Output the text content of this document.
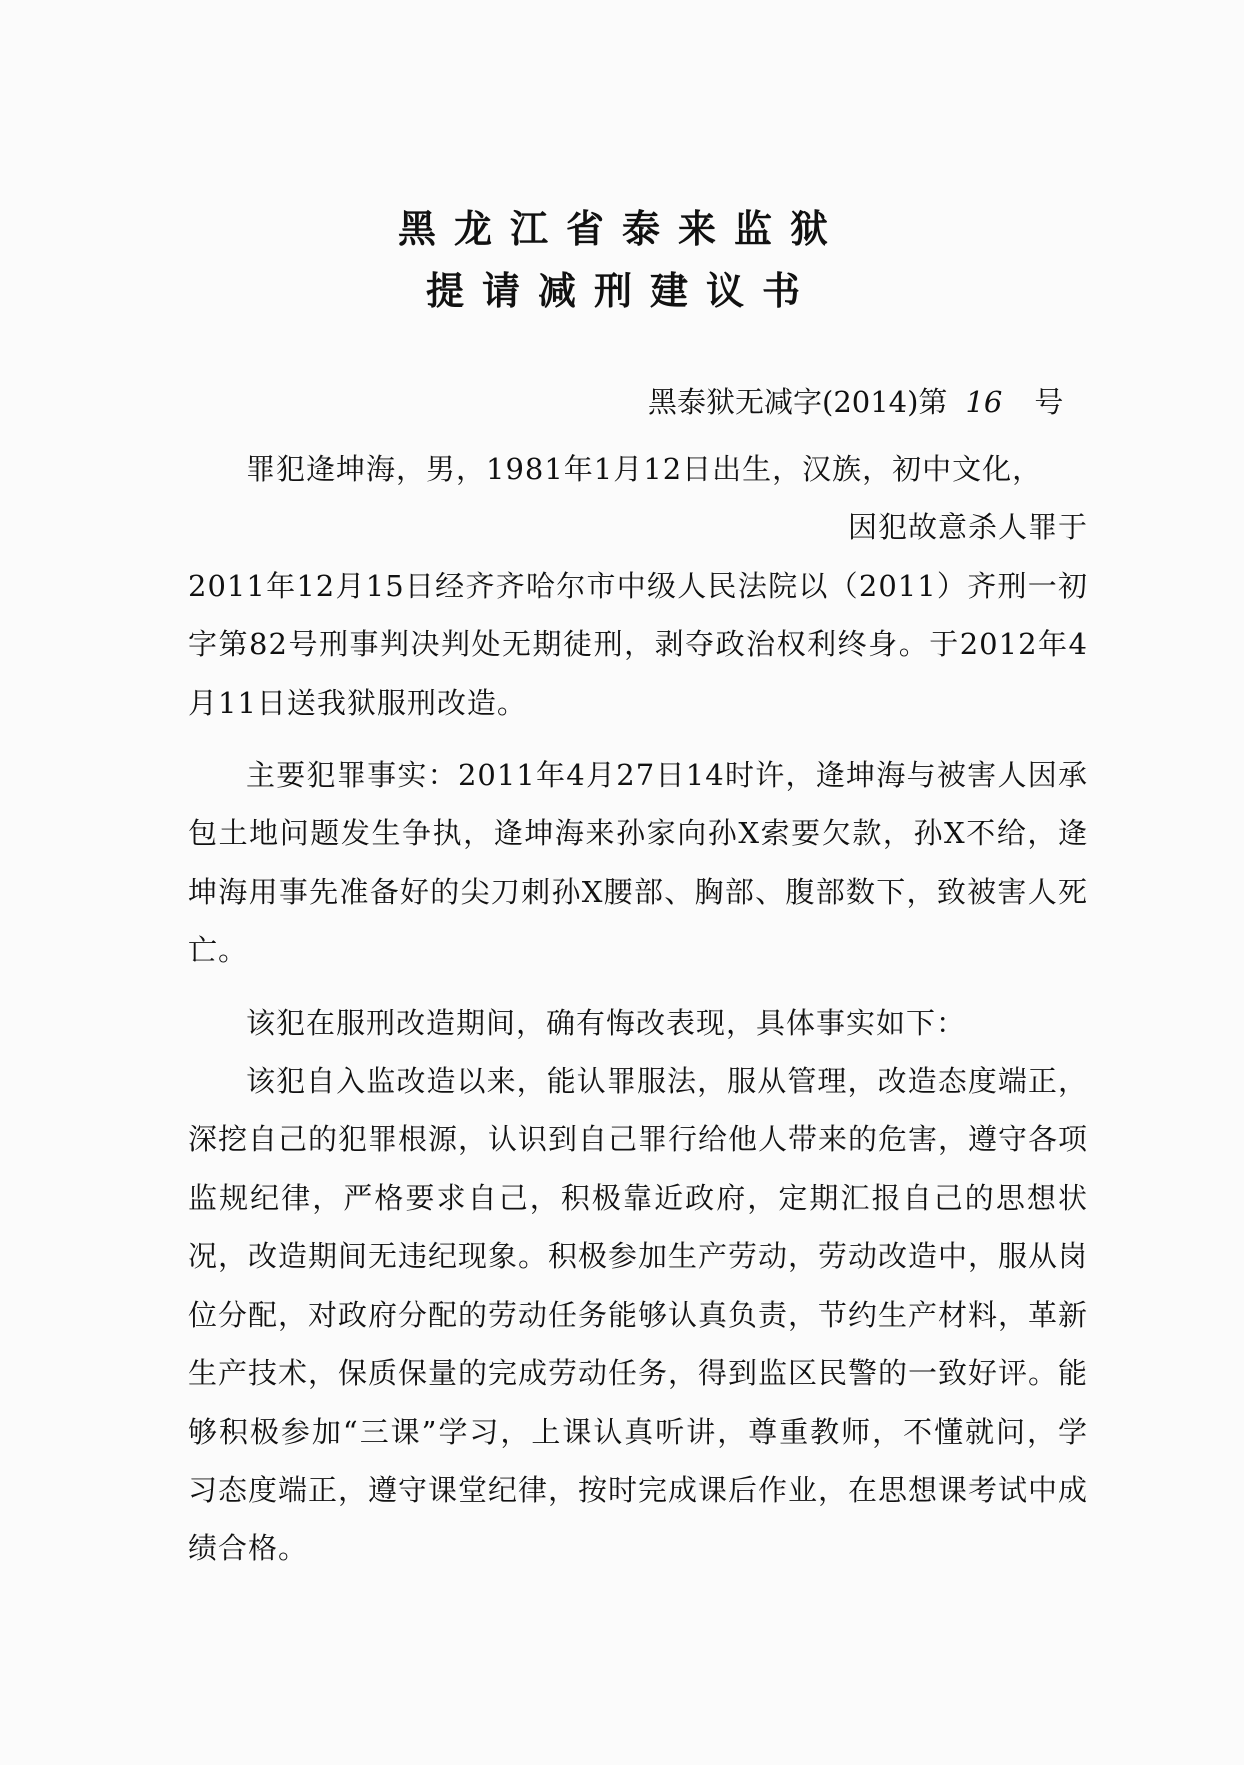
黑龙江省泰来监狱

提请减刑建议书

黑泰狱无减字(2014)第 16 号

罪犯逄坤海，男，1981年1月12日出生，汉族，初中文化，

因犯故意杀人罪于

2011年12月15日经齐齐哈尔市中级人民法院以（2011）齐刑一初字第82号刑事判决判处无期徒刑，剥夺政治权利终身。于2012年4月11日送我狱服刑改造。

主要犯罪事实：2011年4月27日14时许，逄坤海与被害人因承包土地问题发生争执，逄坤海来孙家向孙X索要欠款，孙X不给，逄坤海用事先准备好的尖刀刺孙X腰部、胸部、腹部数下，致被害人死亡。

该犯在服刑改造期间，确有悔改表现，具体事实如下：

该犯自入监改造以来，能认罪服法，服从管理，改造态度端正，深挖自己的犯罪根源，认识到自己罪行给他人带来的危害，遵守各项监规纪律，严格要求自己，积极靠近政府，定期汇报自己的思想状况，改造期间无违纪现象。积极参加生产劳动，劳动改造中，服从岗位分配，对政府分配的劳动任务能够认真负责，节约生产材料，革新生产技术，保质保量的完成劳动任务，得到监区民警的一致好评。能够积极参加“三课”学习，上课认真听讲，尊重教师，不懂就问，学习态度端正，遵守课堂纪律，按时完成课后作业，在思想课考试中成绩合格。
